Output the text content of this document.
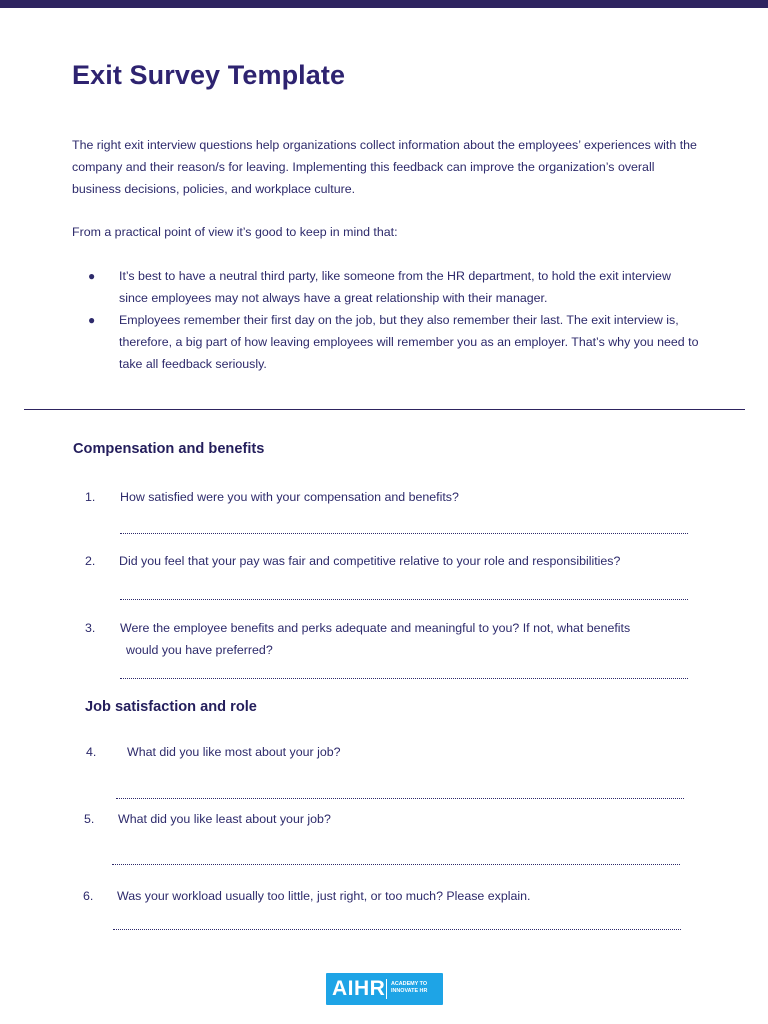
Exit Survey Template

The right exit interview questions help organizations collect information about the employees’ experiences with the company and their reason/s for leaving. Implementing this feedback can improve the organization’s overall business decisions, policies, and workplace culture.

From a practical point of view it’s good to keep in mind that:

● It’s best to have a neutral third party, like someone from the HR department, to hold the exit interview since employees may not always have a great relationship with their manager.
● Employees remember their first day on the job, but they also remember their last. The exit interview is, therefore, a big part of how leaving employees will remember you as an employer. That’s why you need to take all feedback seriously.
Compensation and benefits
1. How satisfied were you with your compensation and benefits?
2. Did you feel that your pay was fair and competitive relative to your role and responsibilities?
3. Were the employee benefits and perks adequate and meaningful to you? If not, what benefits
would you have preferred?
Job satisfaction and role
4. What did you like most about your job?
5. What did you like least about your job?
6. Was your workload usually too little, just right, or too much? Please explain.
AIHR ACADEMY TO INNOVATE HR
